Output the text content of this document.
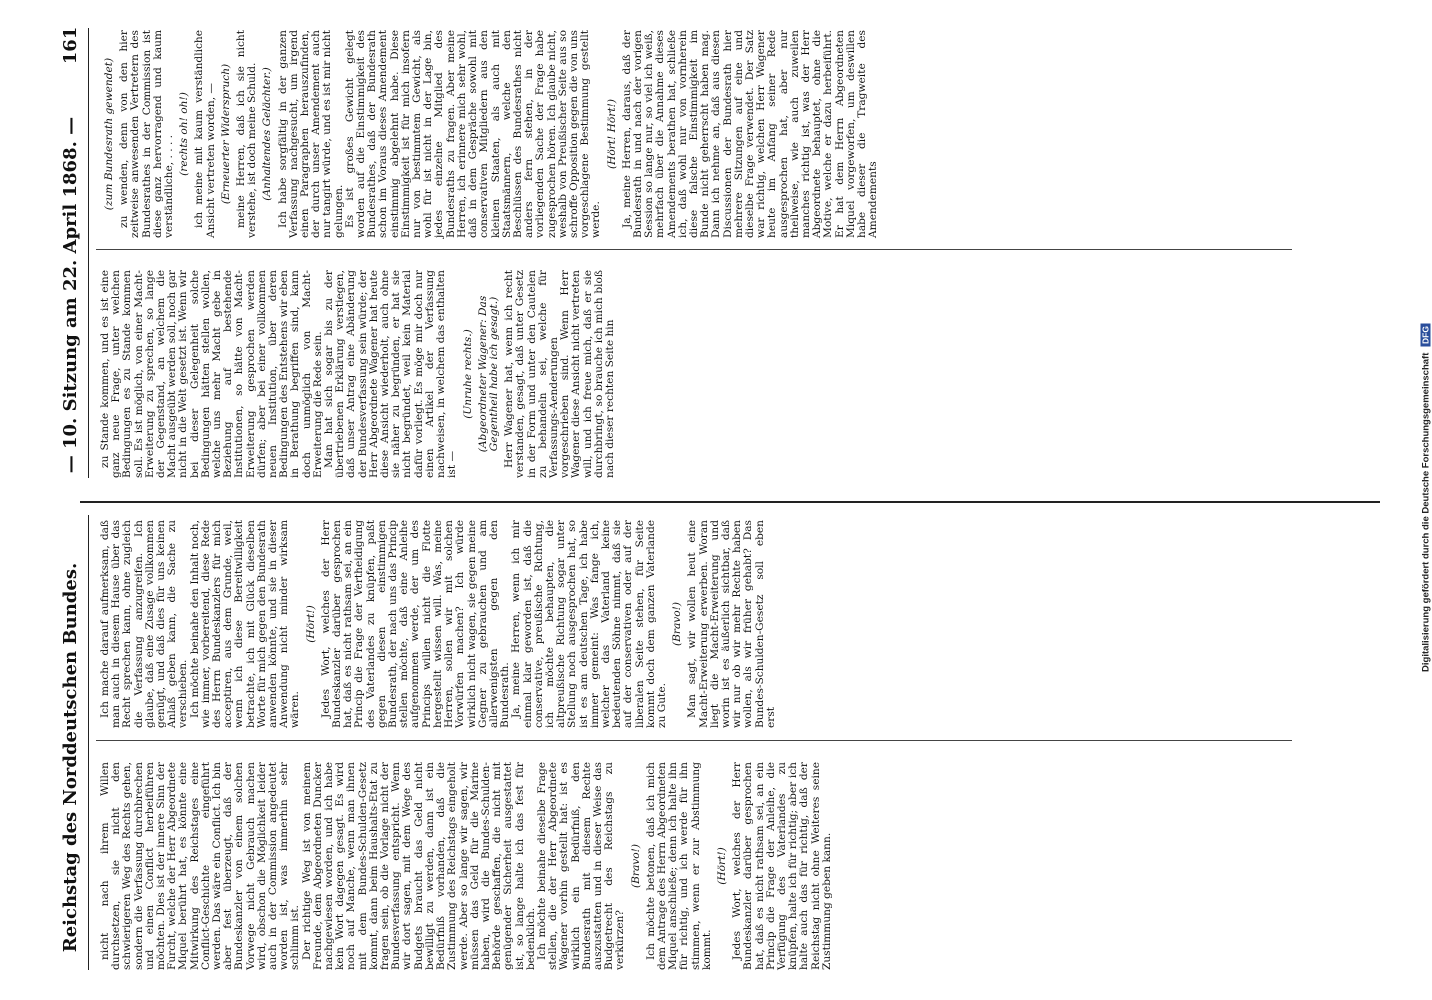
Reichstag des Norddeutschen Bundes. nicht nach ihrem Willen durchsetzen, sie nicht den schwierigeren Weg des Rechts gehen, sondern die Verfassung durchbrechen und einen Conflict herbeiführen möchten. Dies ist der innere Sinn der Furcht, welche der Herr Abgeordnete Miquel berührt hat, es könnte eine Mitwirkung des Reichstages eine Conflict-Geschichte eingeführt werden. Das wäre ein Conflict. Ich bin aber fest überzeugt, daß der Bundeskanzler von einem solchen Vorwege nicht Gebrauch machen wird, obschon die Möglichkeit leider auch in der Commission angedeutet worden ist, was immerhin sehr schlimm ist. Der richtige Weg ist von meinem Freunde, dem Abgeordneten Duncker nachgewiesen worden, und ich habe kein Wort dagegen gesagt. Es wird noch auf Manche, wenn man ihnen mit dem Bundes-Schulden-Gesetz kommt, dann beim Haushalts-Etat zu fragen sein, ob die Vorlage nicht der Bundesverfassung entspricht. Wenn wir dort sagen, mit dem Wege des Budgets braucht das Geld nicht bewilligt zu werden, dann ist ein Bedürfniß vorhanden, daß die Zustimmung des Reichstags eingeholt werde. Aber so lange wir sagen, wir müssen das Geld für die Marine haben, wird die Bundes-Schulden-Behörde geschaffen, die nicht mit genügender Sicherheit ausgestattet ist, so lange halte ich das fest für bedenklich. Ich möchte beinahe dieselbe Frage stellen, die der Herr Abgeordnete Wagener vorhin gestellt hat: ist es wirklich ein Bedürfniß, den Bundesrath mit diesem Rechte auszustatten und in dieser Weise das Budgetrecht des Reichstags zu verkürzen?

(Bravo!) Ich möchte betonen, daß ich mich dem Antrage des Herrn Abgeordneten Miquel anschließe; denn ich halte ihn für richtig, und ich werde für ihn stimmen, wenn er zur Abstimmung kommt.

(Hört!) Jedes Wort, welches der Herr Bundeskanzler darüber gesprochen hat, daß es nicht rathsam sei, an ein Princip die Frage der Anleihe, die Verfügung des Vaterlandes zu knüpfen, halte ich für richtig; aber ich halte auch das für richtig, daß der Reichstag nicht ohne Weiteres seine Zustimmung geben kann.

Ich mache darauf aufmerksam, daß man auch in diesem Hause über das Recht sprechen kann, ohne zugleich die Verfassung anzugreifen. Ich glaube, daß eine Zusage vollkommen genügt, und daß dies für uns keinen Anlaß geben kann, die Sache zu verschieben. Ich möchte beinahe den Inhalt noch, wie immer, vorbereitend, diese Rede des Herrn Bundeskanzlers für mich acceptiren, aus dem Grunde, weil, wenn ich diese Bereitwilligkeit betrachte, ich mit Glück dieselben Worte für mich gegen den Bundesrath anwenden könnte, und sie in dieser Anwendung nicht minder wirksam wären.

(Hört!) Jedes Wort, welches der Herr Bundeskanzler darüber gesprochen hat, daß es nicht rathsam sei, an ein Princip die Frage der Vertheidigung des Vaterlandes zu knüpfen, paßt gegen diesen einstimmigen Bundesrath, der nach uns das Princip stellen möchte, daß eine Anleihe aufgenommen werde, der um des Princips willen nicht die Flotte hergestellt wissen will. Was, meine Herren, sollen wir mit solchen Vorwürfen machen? Ich würde wirklich nicht wagen, sie gegen meine Gegner zu gebrauchen und am allerwenigsten gegen den Bundesrath. Ja, meine Herren, wenn ich mir einmal klar geworden ist, daß die conservative, preußische Richtung, ich möchte behaupten, die altpreußische Richtung sogar unter Stellung noch ausgesprochen hat, so ist es am deutschen Tage, ich habe immer gemeint: Was fange ich, welcher das Vaterland keine bedeutenden Söhne nimmt, daß sie auf der conservativen oder auf der liberalen Seite stehen, für Seite kommt doch dem ganzen Vaterlande zu Gute.

(Bravo!) Man sagt, wir wollen heut eine Macht-Erweiterung erwerben. Woran liegt die Macht-Erweiterung und worin ist es äußerlich sichtbar, daß wir nur ob wir mehr Rechte haben wollen, als wir früher gehabt? Das Bundes-Schulden-Gesetz soll eben erst

— 10. Sitzung am 22. April 1868. —  161

zu Stande kommen, und es ist eine ganz neue Frage, unter welchen Bedingungen es zu Stande kommen soll. Es ist möglich, von einer Macht-Erweiterung zu sprechen, so lange der Gegenstand, an welchem die Macht ausgeübt werden soll, noch gar nicht in die Welt gesetzt ist. Wenn wir bei dieser Gelegenheit solche Bedingungen hätten stellen wollen, welche uns mehr Macht gebe in Beziehung auf bestehende Institutionen, so hätte von Macht-Erweiterung gesprochen werden dürfen; aber bei einer vollkommen neuen Institution, über deren Bedingungen des Entstehens wir eben in Berathung begriffen sind, kann doch unmöglich von Macht-Erweiterung die Rede sein. Man hat sich sogar bis zu der übertriebenen Erklärung verstiegen, daß unser Antrag eine Abänderung der Bundesverfassung sein würde; der Herr Abgeordnete Wagener hat heute diese Ansicht wiederholt, auch ohne sie näher zu begründen, er hat sie nicht begründet, weil kein Material dafür vorliegt. Es möge mir doch nur einen Artikel der Verfassung nachweisen, in welchem das enthalten ist —

(Unruhe rechts.) (Abgeordneter Wagener: Das Gegentheil habe ich gesagt.) Herr Wagener hat, wenn ich recht verstanden, gesagt, daß unter Gesetz in der Form und unter den Cautelen zu behandeln sei, welche für Verfassungs-Aenderungen vorgeschrieben sind. Wenn Herr Wagener diese Ansicht nicht vertreten will, und ich freue mich, daß er sie durchbringt, so brauche ich mich bloß nach dieser rechten Seite hin

(zum Bundesrath gewendet) zu wenden, denn von den hier zeitweise anwesenden Vertretern des Bundesrathes in der Commission ist diese ganz hervorragend und kaum verständliche, . . . .

(rechts oh! oh!) ich meine mit kaum verständliche Ansicht vertreten worden, — (Erneuerter Widerspruch) meine Herren, daß ich sie nicht verstehe, ist doch meine Schuld. (Anhaltendes Gelächter.) Ich habe sorgfältig in der ganzen Verfassung nachgesucht, um irgend einen Paragraphen herauszufinden, der durch unser Amendement auch nur tangirt würde, und es ist mir nicht gelungen. Es ist großes Gewicht gelegt worden auf die Einstimmigkeit des Bundesrathes, daß der Bundesrath schon im Voraus dieses Amendement einstimmig abgelehnt habe. Diese Einstimmigkeit ist für mich insofern nur von bestimmtem Gewicht, als wohl für ist nicht in der Lage bin, jedes einzelne Mitglied des Bundesraths zu fragen. Aber meine Herren, ich erinnere mich sehr wohl, daß in dem Gespräche sowohl mit conservativen Mitgliedern aus den kleinen Staaten, als auch mit Staatsmännern, welche den Beschlüssen des Bundesrathes nicht anders fern stehen, in der vorliegenden Sache der Frage habe zugesprochen hören. Ich glaube nicht, weshalb von Preußischer Seite aus so schroffe Opposition gegen die von uns vorgeschlagene Bestimmung gestellt werde.

(Hört! Hört!) Ja, meine Herren, daraus, daß der Bundesrath in und nach der vorigen Session so lange nur, so viel ich weiß, mehrfach über die Annahme dieses Amendements berathen hat, schließe ich, daß wohl nur von vornherein diese falsche Einstimmigkeit im Bunde nicht geherrscht haben mag. Dann ich nehme an, daß aus diesen Discussionen der Bundesrath hier mehrere Sitzungen auf eine und dieselbe Frage verwendet. Der Satz war richtig, welchen Herr Wagener heute im Anfang seiner Rede ausgesprochen hat, aber nur theilweise, wie auch zuweilen manches richtig ist, was der Herr Abgeordnete behauptet, ohne die Motive, welche er dazu herbeiführt. Er hat dem Herrn Abgeordneten Miquel vorgeworfen, um deswillen habe dieser die Tragweite des Amendements

Digitalisierung gefördert durch die Deutsche Forschungsgemeinschaft DFG
